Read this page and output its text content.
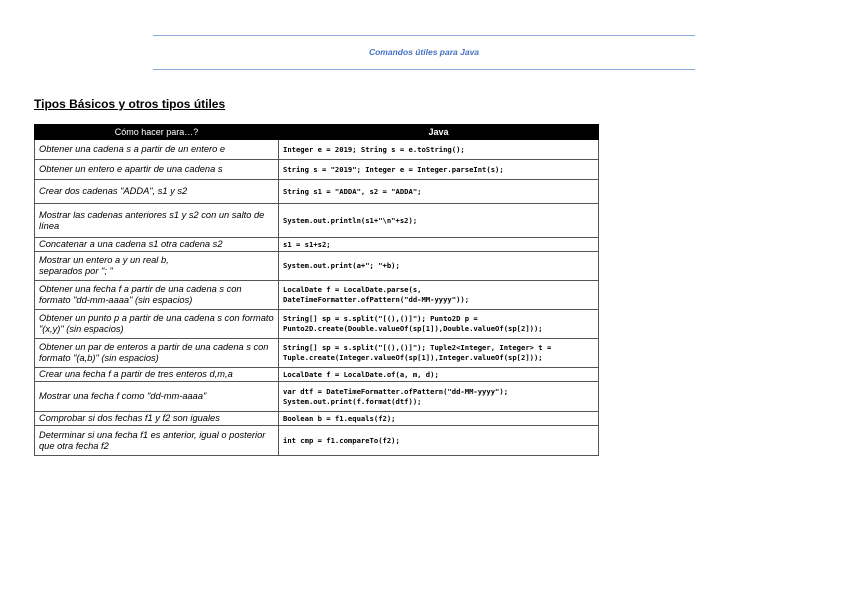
Comandos útiles para Java
Tipos Básicos y otros tipos útiles
Cómo hacer para…?	Java
Obtener una cadena s a partir de un entero e	Integer e = 2019; String s = e.toString();
Obtener un entero e apartir de una cadena s	String s = "2019"; Integer e = Integer.parseInt(s);
Crear dos cadenas "ADDA", s1 y s2	String s1 = "ADDA", s2 = "ADDA";
Mostrar las cadenas anteriores s1 y s2 con un salto de línea	System.out.println(s1+"\n"+s2);
Concatenar a una cadena s1 otra cadena s2	s1 = s1+s2;
Mostrar un entero a y un real b,
separados por "; "	System.out.print(a+"; "+b);
Obtener una fecha f a partir de una cadena s con formato "dd-mm-aaaa" (sin espacios)	LocalDate f = LocalDate.parse(s,
DateTimeFormatter.ofPattern("dd-MM-yyyy"));
Obtener un punto p a partir de una cadena s con formato "(x,y)" (sin espacios)	String[] sp = s.split("[(),()]"); Punto2D p =
Punto2D.create(Double.valueOf(sp[1]),Double.valueOf(sp[2]));
Obtener un par de enteros a partir de una cadena s con formato "(a,b)" (sin espacios)	String[] sp = s.split("[(),()]"); Tuple2<Integer, Integer> t =
Tuple.create(Integer.valueOf(sp[1]),Integer.valueOf(sp[2]));
Crear una fecha f a partir de tres enteros d,m,a	LocalDate f = LocalDate.of(a, m, d);
Mostrar una fecha f como "dd-mm-aaaa"	var dtf = DateTimeFormatter.ofPattern("dd-MM-yyyy");
System.out.print(f.format(dtf));
Comprobar si dos fechas f1 y f2 son iguales	Boolean b = f1.equals(f2);
Determinar si una fecha f1 es anterior, igual o posterior que otra fecha f2	int cmp = f1.compareTo(f2);
